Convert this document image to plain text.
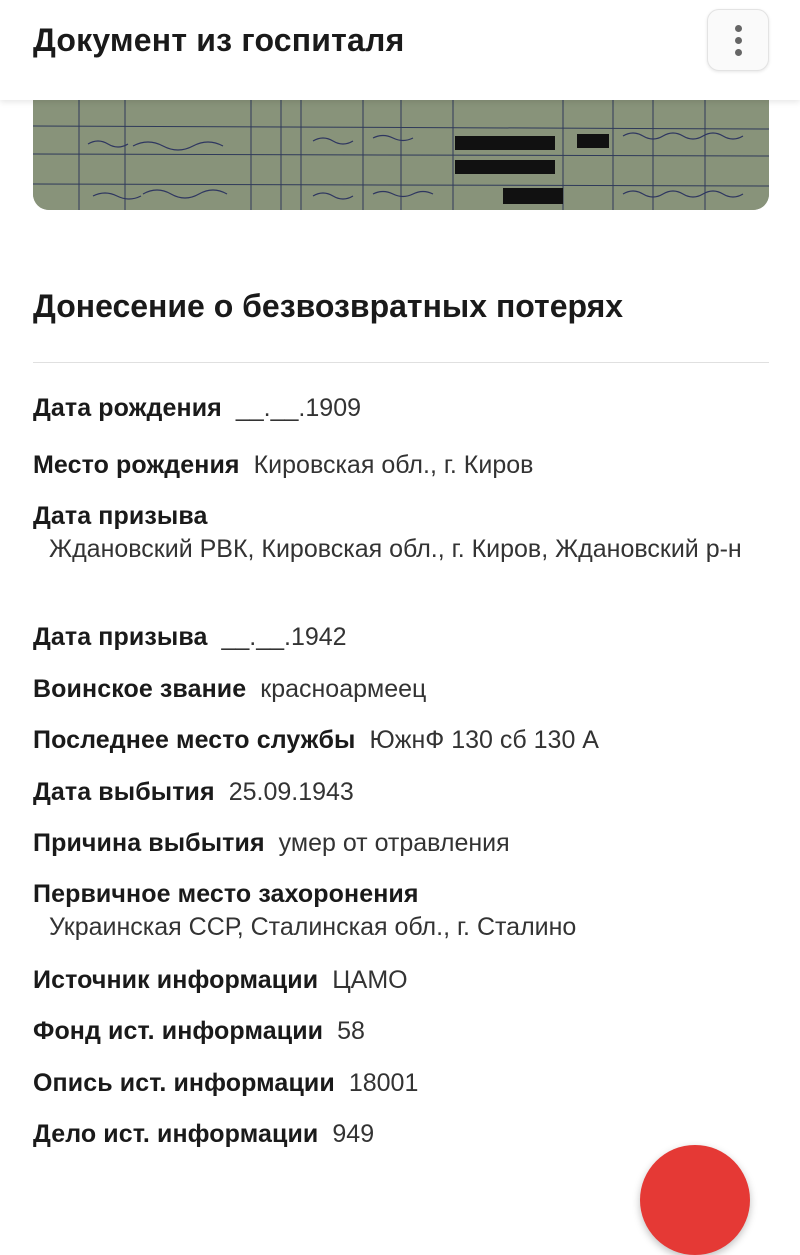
Документ из госпиталя
Донесение о безвозвратных потерях
Дата рождения __.__.1909
Место рождения Кировская обл., г. Киров
Дата призыва
Ждановский РВК, Кировская обл., г. Киров, Ждановский р-н
Дата призыва __.__.1942
Воинское звание красноармеец
Последнее место службы ЮжнФ 130 сб 130 А
Дата выбытия 25.09.1943
Причина выбытия умер от отравления
Первичное место захоронения
Украинская ССР, Сталинская обл., г. Сталино
Источник информации ЦАМО
Фонд ист. информации 58
Опись ист. информации 18001
Дело ист. информации 949
